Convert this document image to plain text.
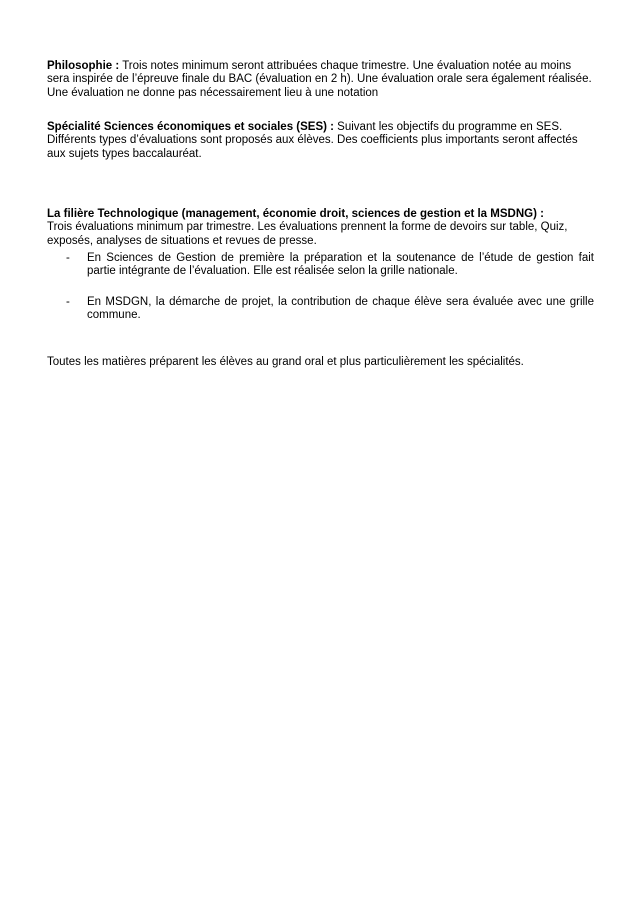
Philosophie : Trois notes minimum seront attribuées chaque trimestre. Une évaluation notée au moins sera inspirée de l’épreuve finale du BAC (évaluation en 2 h). Une évaluation orale sera également réalisée. Une évaluation ne donne pas nécessairement lieu à une notation

Spécialité Sciences économiques et sociales (SES) : Suivant les objectifs du programme en SES. Différents types d’évaluations sont proposés aux élèves. Des coefficients plus importants seront affectés aux sujets types baccalauréat.

La filière Technologique (management, économie droit, sciences de gestion et la MSDNG) :
Trois évaluations minimum par trimestre. Les évaluations prennent la forme de devoirs sur table, Quiz, exposés, analyses de situations et revues de presse.
- En Sciences de Gestion de première la préparation et la soutenance de l’étude de gestion fait partie intégrante de l’évaluation. Elle est réalisée selon la grille nationale.
- En MSDGN, la démarche de projet, la contribution de chaque élève sera évaluée avec une grille commune.

Toutes les matières préparent les élèves au grand oral et plus particulièrement les spécialités.
